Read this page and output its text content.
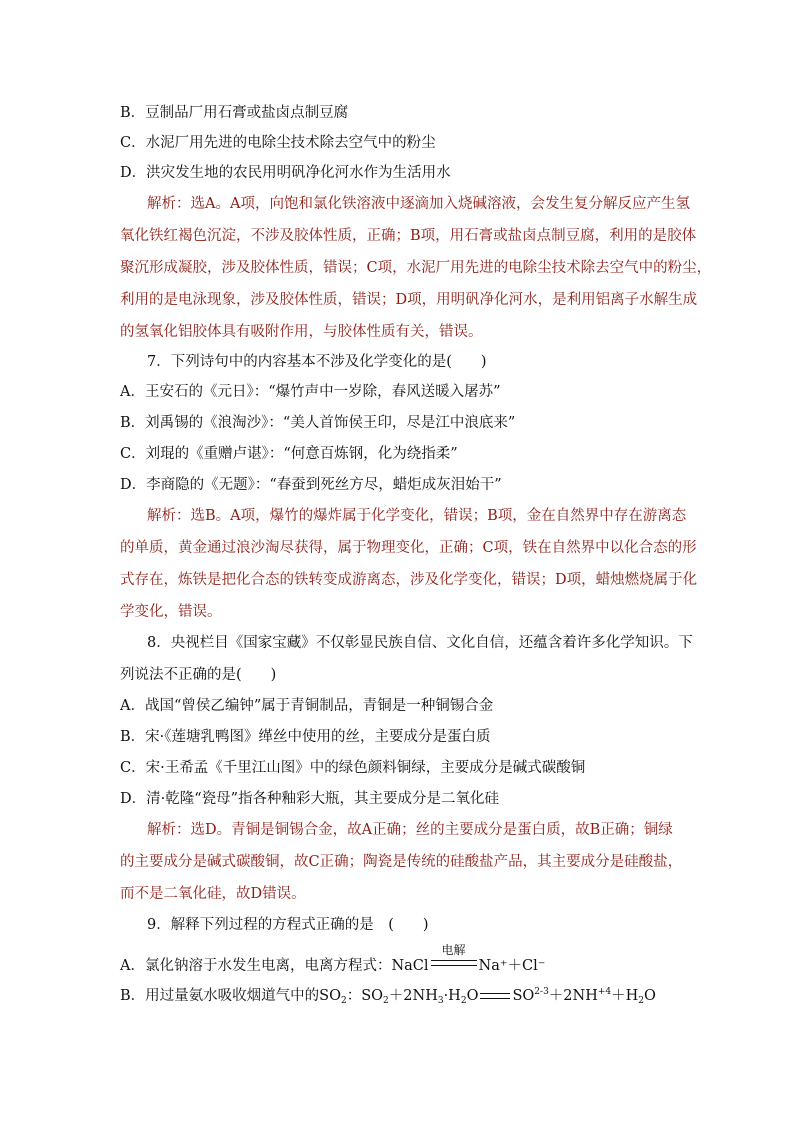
B．豆制品厂用石膏或盐卤点制豆腐
C．水泥厂用先进的电除尘技术除去空气中的粉尘
D．洪灾发生地的农民用明矾净化河水作为生活用水
解析：选A。A项，向饱和氯化铁溶液中逐滴加入烧碱溶液，会发生复分解反应产生氢
氧化铁红褐色沉淀，不涉及胶体性质，正确；B项，用石膏或盐卤点制豆腐，利用的是胶体
聚沉形成凝胶，涉及胶体性质，错误；C项，水泥厂用先进的电除尘技术除去空气中的粉尘，
利用的是电泳现象，涉及胶体性质，错误；D项，用明矾净化河水，是利用铝离子水解生成
的氢氧化铝胶体具有吸附作用，与胶体性质有关，错误。
7．下列诗句中的内容基本不涉及化学变化的是(　　)
A．王安石的《元日》：“爆竹声中一岁除，春风送暖入屠苏”
B．刘禹锡的《浪淘沙》：“美人首饰侯王印，尽是江中浪底来”
C．刘琨的《重赠卢谌》：“何意百炼钢，化为绕指柔”
D．李商隐的《无题》：“春蚕到死丝方尽，蜡炬成灰泪始干”
解析：选B。A项，爆竹的爆炸属于化学变化，错误；B项，金在自然界中存在游离态
的单质，黄金通过浪沙淘尽获得，属于物理变化，正确；C项，铁在自然界中以化合态的形
式存在，炼铁是把化合态的铁转变成游离态，涉及化学变化，错误；D项，蜡烛燃烧属于化
学变化，错误。
8．央视栏目《国家宝藏》不仅彰显民族自信、文化自信，还蕴含着许多化学知识。下
列说法不正确的是(　　)
A．战国“曾侯乙编钟”属于青铜制品，青铜是一种铜锡合金
B．宋·《莲塘乳鸭图》缂丝中使用的丝，主要成分是蛋白质
C．宋·王希孟《千里江山图》中的绿色颜料铜绿，主要成分是碱式碳酸铜
D．清·乾隆“瓷母”指各种釉彩大瓶，其主要成分是二氧化硅
解析：选D。青铜是铜锡合金，故A正确；丝的主要成分是蛋白质，故B正确；铜绿
的主要成分是碱式碳酸铜，故C正确；陶瓷是传统的硅酸盐产品，其主要成分是硅酸盐，
而不是二氧化硅，故D错误。
9．解释下列过程的方程式正确的是　(　　)
A．氯化钠溶于水发生电离，电离方程式：NaCl
电解
Na⁺＋Cl⁻
B．用过量氨水吸收烟道气中的$SO_2$：$SO_2+2NH_3\cdot H_2O$ $SO^{2-3}+2NH^{+4}+H_2O$
